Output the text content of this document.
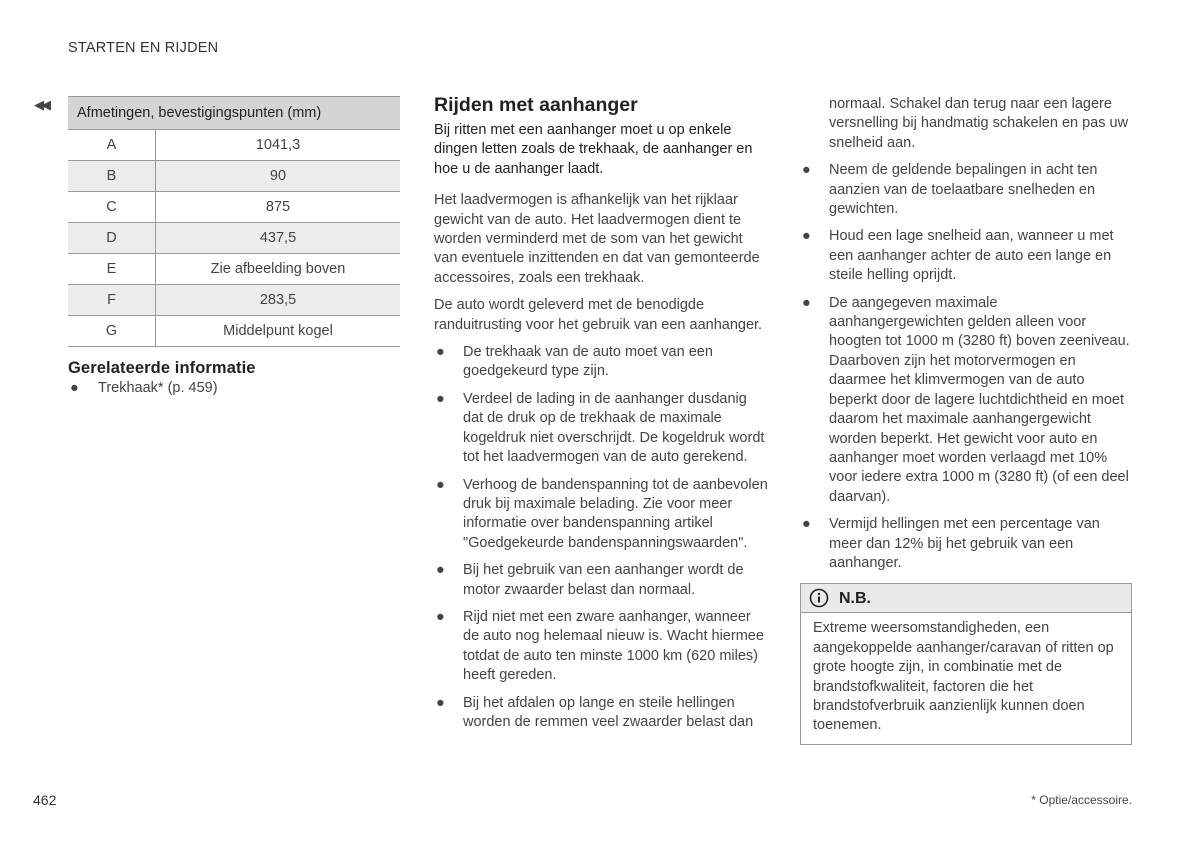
STARTEN EN RIJDEN
◀◀
Afmetingen, bevestigingspunten (mm)	
A	1041,3
B	90
C	875
D	437,5
E	Zie afbeelding boven
F	283,5
G	Middelpunt kogel
Gerelateerde informatie
●	Trekhaak* (p. 459)
Rijden met aanhanger
Bij ritten met een aanhanger moet u op enkele dingen letten zoals de trekhaak, de aanhanger en hoe u de aanhanger laadt.
Het laadvermogen is afhankelijk van het rijklaar gewicht van de auto. Het laadvermogen dient te worden verminderd met de som van het gewicht van eventuele inzittenden en dat van gemonteerde accessoires, zoals een trekhaak.
De auto wordt geleverd met de benodigde randuitrusting voor het gebruik van een aanhanger.
● De trekhaak van de auto moet van een goedgekeurd type zijn.
● Verdeel de lading in de aanhanger dusdanig dat de druk op de trekhaak de maximale kogeldruk niet overschrijdt. De kogeldruk wordt tot het laadvermogen van de auto gerekend.
● Verhoog de bandenspanning tot de aanbevolen druk bij maximale belading. Zie voor meer informatie over bandenspanning artikel "Goedgekeurde bandenspanningswaarden".
● Bij het gebruik van een aanhanger wordt de motor zwaarder belast dan normaal.
● Rijd niet met een zware aanhanger, wanneer de auto nog helemaal nieuw is. Wacht hiermee totdat de auto ten minste 1000 km (620 miles) heeft gereden.
● Bij het afdalen op lange en steile hellingen worden de remmen veel zwaarder belast dan
normaal. Schakel dan terug naar een lagere versnelling bij handmatig schakelen en pas uw snelheid aan.
● Neem de geldende bepalingen in acht ten aanzien van de toelaatbare snelheden en gewichten.
● Houd een lage snelheid aan, wanneer u met een aanhanger achter de auto een lange en steile helling oprijdt.
● De aangegeven maximale aanhangergewichten gelden alleen voor hoogten tot 1000 m (3280 ft) boven zeeniveau. Daarboven zijn het motorvermogen en daarmee het klimvermogen van de auto beperkt door de lagere luchtdichtheid en moet daarom het maximale aanhangergewicht worden beperkt. Het gewicht voor auto en aanhanger moet worden verlaagd met 10% voor iedere extra 1000 m (3280 ft) (of een deel daarvan).
● Vermijd hellingen met een percentage van meer dan 12% bij het gebruik van een aanhanger.
N.B.
Extreme weersomstandigheden, een aangekoppelde aanhanger/caravan of ritten op grote hoogte zijn, in combinatie met de brandstofkwaliteit, factoren die het brandstofverbruik aanzienlijk kunnen doen toenemen.
462	* Optie/accessoire.
